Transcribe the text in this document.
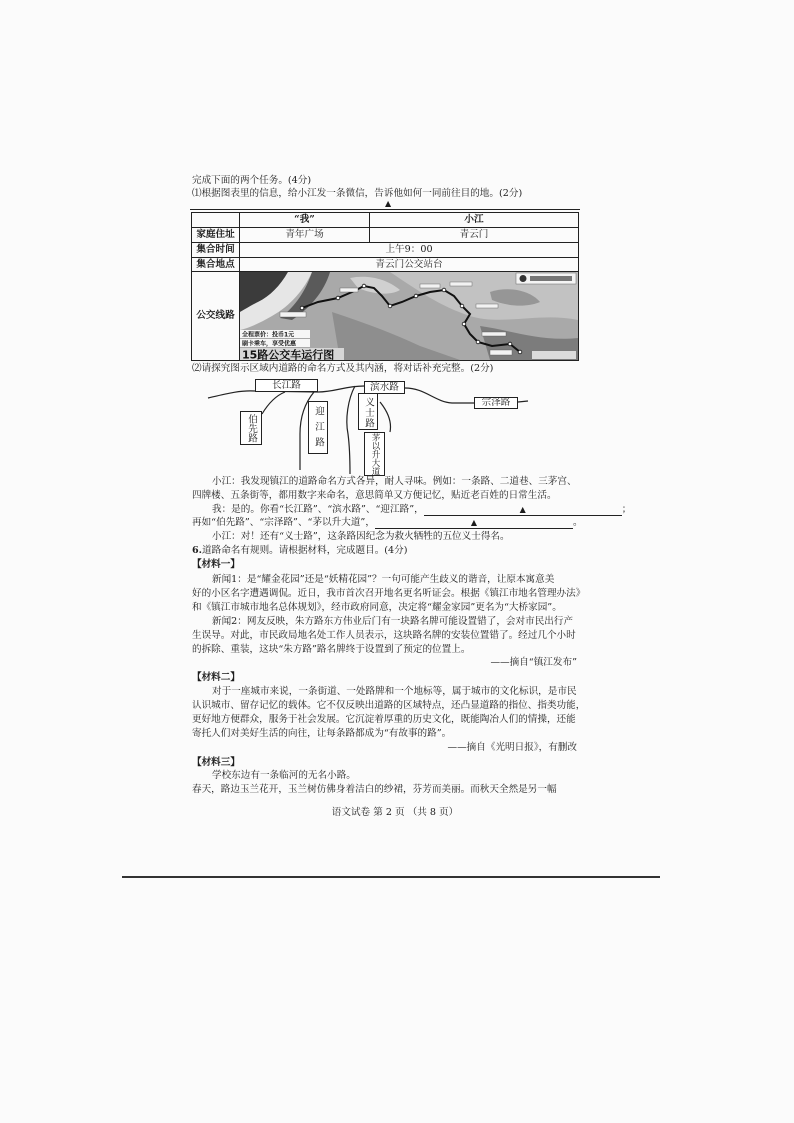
完成下面的两个任务。(4分)
⑴根据图表里的信息，给小江发一条微信，告诉他如何一同前往目的地。(2分)
▲
	“我”	小江
家庭住址	青年广场	青云门
集合时间	上午9：00	
集合地点	青云门公交站台	
公交线路	全程票价：投币1元
刷卡乘车，享受优惠
15路公交车运行图	
⑵请探究图示区域内道路的命名方式及其内涵，将对话补充完整。(2分)
长江路	滨水路
宗泽路
伯先路	迎江路	义士路
茅以升大道
小江：我发现镇江的道路命名方式各异，耐人寻味。例如：一条路、二道巷、三茅宫、
四牌楼、五条街等，都用数字来命名，意思简单又方便记忆，贴近老百姓的日常生活。
我：是的。你看“长江路”、“滨水路”、“迎江路”，	▲	；
再如“伯先路”、“宗泽路”、“茅以升大道”，	▲	。
小江：对！还有“义士路”，这条路因纪念为救火牺牲的五位义士得名。
6.道路命名有规则。请根据材料，完成题目。(4分)
【材料一】
新闻1：是“耀金花园”还是“妖精花园”？一句可能产生歧义的谐音，让原本寓意美
好的小区名字遭遇调侃。近日，我市首次召开地名更名听证会。根据《镇江市地名管理办法》
和《镇江市城市地名总体规划》，经市政府同意，决定将“耀金家园”更名为“大桥家园”。
新闻2：网友反映，朱方路东方伟业后门有一块路名牌可能设置错了，会对市民出行产
生误导。对此，市民政局地名处工作人员表示，这块路名牌的安装位置错了。经过几个小时
的拆除、重装，这块“朱方路”路名牌终于设置到了预定的位置上。
——摘自“镇江发布”
【材料二】
对于一座城市来说，一条街道、一处路牌和一个地标等，属于城市的文化标识，是市民
认识城市、留存记忆的载体。它不仅反映出道路的区域特点，还凸显道路的指位、指类功能，
更好地方便群众，服务于社会发展。它沉淀着厚重的历史文化，既能陶冶人们的情操，还能
寄托人们对美好生活的向往，让每条路都成为“有故事的路”。
——摘自《光明日报》，有删改
【材料三】
学校东边有一条临河的无名小路。
春天，路边玉兰花开，玉兰树仿佛身着洁白的纱裙，芬芳而美丽。而秋天全然是另一幅
语文试卷 第 2 页 （共 8 页）
